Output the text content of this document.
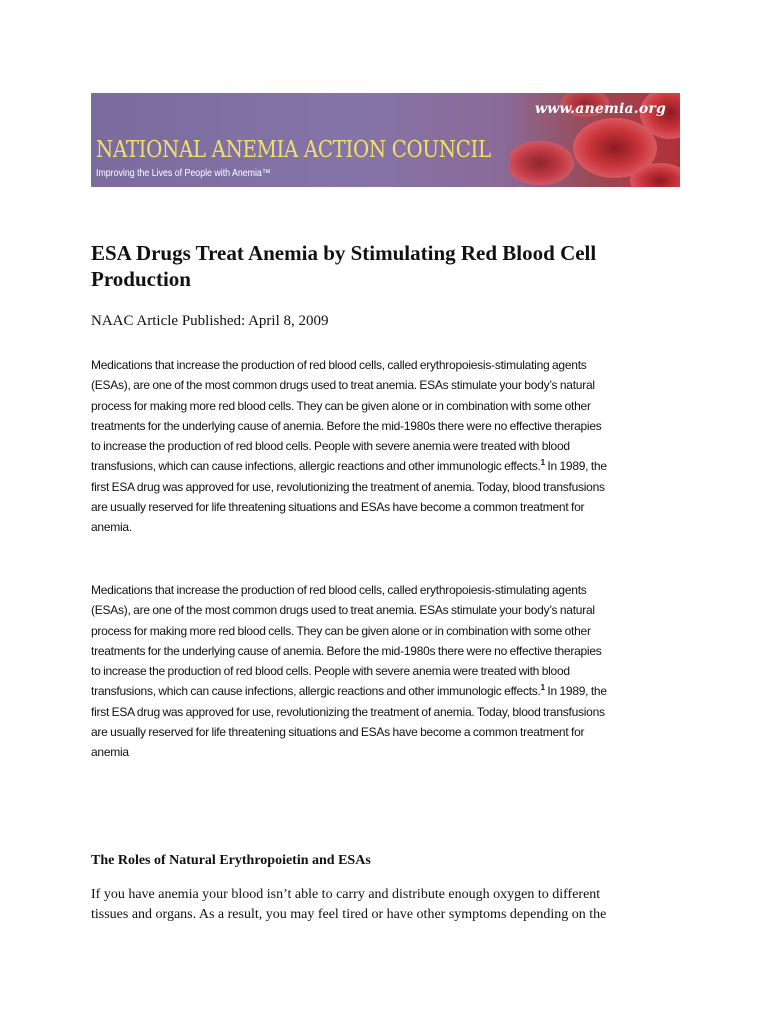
www.anemia.org
NATIONAL ANEMIA ACTION COUNCIL
Improving the Lives of People with Anemia™
ESA Drugs Treat Anemia by Stimulating Red Blood Cell Production
NAAC Article Published: April 8, 2009

Medications that increase the production of red blood cells, called erythropoiesis-stimulating agents
(ESAs), are one of the most common drugs used to treat anemia. ESAs stimulate your body’s natural
process for making more red blood cells. They can be given alone or in combination with some other
treatments for the underlying cause of anemia. Before the mid-1980s there were no effective therapies
to increase the production of red blood cells. People with severe anemia were treated with blood
transfusions, which can cause infections, allergic reactions and other immunologic effects.$^1$ In 1989, the
first ESA drug was approved for use, revolutionizing the treatment of anemia. Today, blood transfusions
are usually reserved for life threatening situations and ESAs have become a common treatment for
anemia.

Medications that increase the production of red blood cells, called erythropoiesis-stimulating agents
(ESAs), are one of the most common drugs used to treat anemia. ESAs stimulate your body’s natural
process for making more red blood cells. They can be given alone or in combination with some other
treatments for the underlying cause of anemia. Before the mid-1980s there were no effective therapies
to increase the production of red blood cells. People with severe anemia were treated with blood
transfusions, which can cause infections, allergic reactions and other immunologic effects.$^1$ In 1989, the
first ESA drug was approved for use, revolutionizing the treatment of anemia. Today, blood transfusions
are usually reserved for life threatening situations and ESAs have become a common treatment for
anemia

The Roles of Natural Erythropoietin and ESAs

If you have anemia your blood isn’t able to carry and distribute enough oxygen to different
tissues and organs. As a result, you may feel tired or have other symptoms depending on the
